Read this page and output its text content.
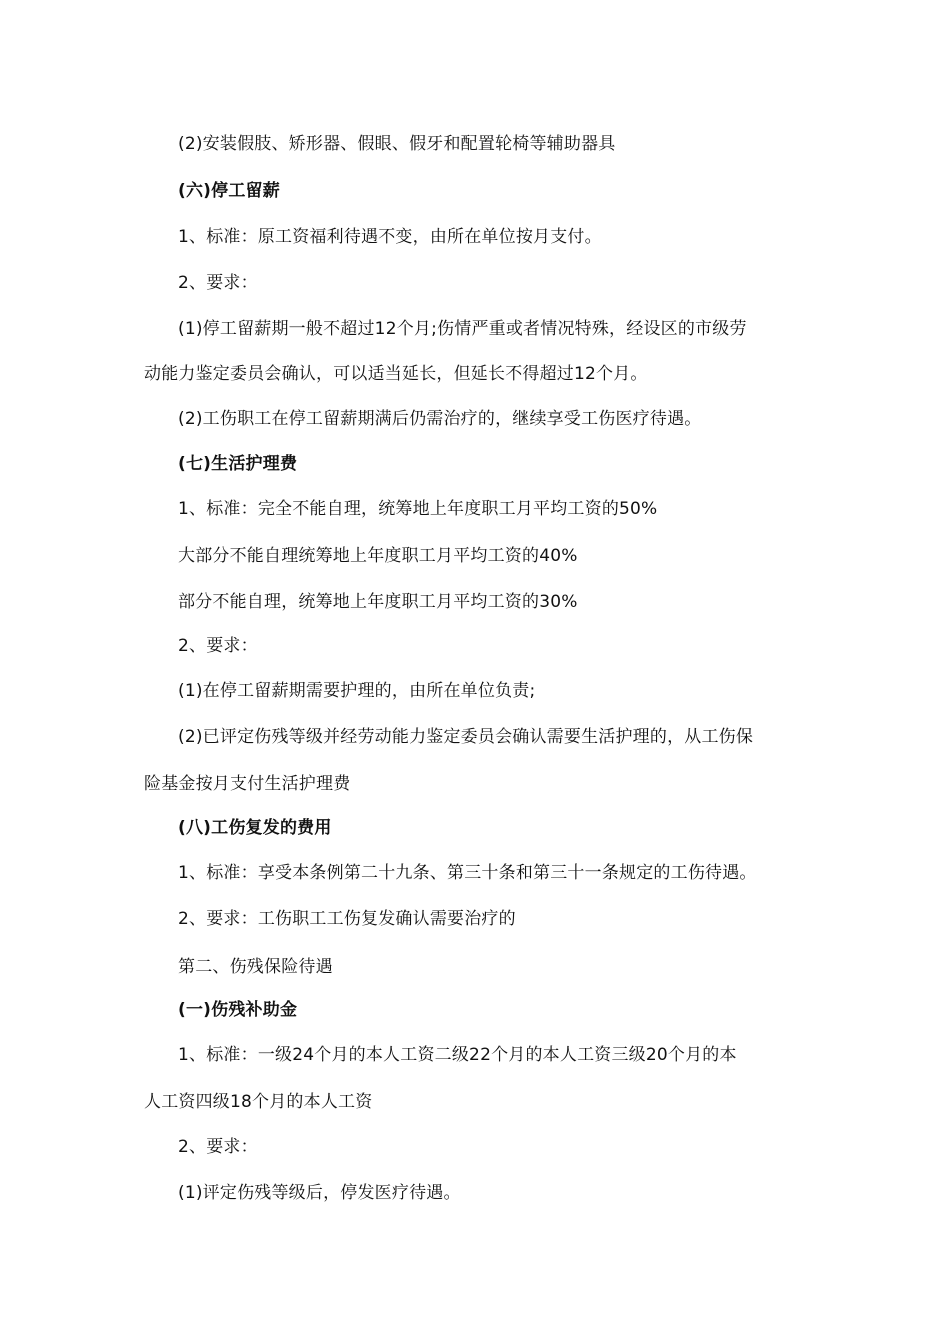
(2)安装假肢、矫形器、假眼、假牙和配置轮椅等辅助器具
(六)停工留薪
1、标准：原工资福利待遇不变，由所在单位按月支付。
2、要求：
(1)停工留薪期一般不超过12个月;伤情严重或者情况特殊，经设区的市级劳
动能力鉴定委员会确认，可以适当延长，但延长不得超过12个月。
(2)工伤职工在停工留薪期满后仍需治疗的，继续享受工伤医疗待遇。
(七)生活护理费
1、标准：完全不能自理，统筹地上年度职工月平均工资的50%
大部分不能自理统筹地上年度职工月平均工资的40%
部分不能自理，统筹地上年度职工月平均工资的30%
2、要求：
(1)在停工留薪期需要护理的，由所在单位负责;
(2)已评定伤残等级并经劳动能力鉴定委员会确认需要生活护理的，从工伤保
险基金按月支付生活护理费
(八)工伤复发的费用
1、标准：享受本条例第二十九条、第三十条和第三十一条规定的工伤待遇。
2、要求：工伤职工工伤复发确认需要治疗的
第二、伤残保险待遇
(一)伤残补助金
1、标准：一级24个月的本人工资二级22个月的本人工资三级20个月的本
人工资四级18个月的本人工资
2、要求：
(1)评定伤残等级后，停发医疗待遇。
